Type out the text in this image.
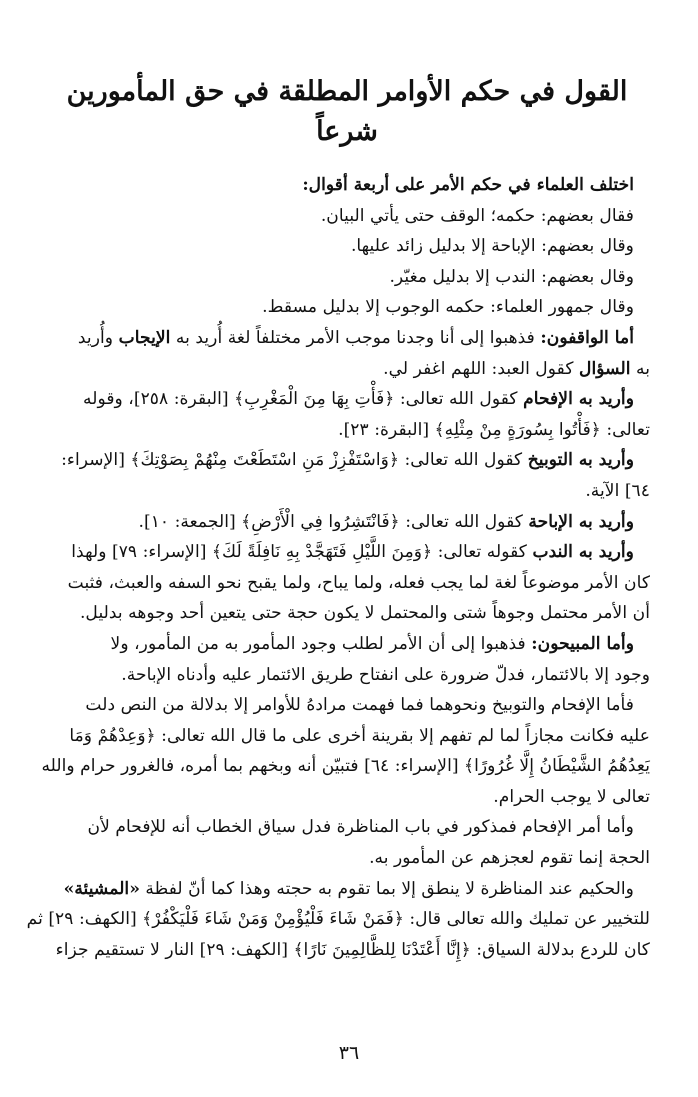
القول في حكم الأوامر المطلقة في حق المأمورين شرعاً
اختلف العلماء في حكم الأمر على أربعة أقوال:
فقال بعضهم: حكمه؛ الوقف حتى يأتي البيان.
وقال بعضهم: الإباحة إلا بدليل زائد عليها.
وقال بعضهم: الندب إلا بدليل مغيّر.
وقال جمهور العلماء: حكمه الوجوب إلا بدليل مسقط.
أما الواقفون: فذهبوا إلى أنا وجدنا موجب الأمر مختلفاً لغة أُريد به الإيجاب وأُريد
به السؤال كقول العبد: اللهم اغفر لي.
وأريد به الإفحام كقول الله تعالى: ﴿فَأْتِ بِهَا مِنَ الْمَغْرِبِ﴾ [البقرة: ٢٥٨]، وقوله
تعالى: ﴿فَأْتُوا بِسُورَةٍ مِنْ مِثْلِهِ﴾ [البقرة: ٢٣].
وأريد به التوبيخ كقول الله تعالى: ﴿وَاسْتَفْزِزْ مَنِ اسْتَطَعْتَ مِنْهُمْ بِصَوْتِكَ﴾ [الإسراء:
٦٤] الآية.
وأريد به الإباحة كقول الله تعالى: ﴿فَانْتَشِرُوا فِي الْأَرْضِ﴾ [الجمعة: ١٠].
وأريد به الندب كقوله تعالى: ﴿وَمِنَ اللَّيْلِ فَتَهَجَّدْ بِهِ نَافِلَةً لَكَ﴾ [الإسراء: ٧٩] ولهذا
كان الأمر موضوعاً لغة لما يجب فعله، ولما يباح، ولما يقبح نحو السفه والعبث، فثبت
أن الأمر محتمل وجوهاً شتى والمحتمل لا يكون حجة حتى يتعين أحد وجوهه بدليل.
وأما المبيحون: فذهبوا إلى أن الأمر لطلب وجود المأمور به من المأمور، ولا
وجود إلا بالائتمار، فدلّ ضرورة على انفتاح طريق الائتمار عليه وأدناه الإباحة.
فأما الإفحام والتوبيخ ونحوهما فما فهمت مرادهُ للأوامر إلا بدلالة من النص دلت
عليه فكانت مجازاً لما لم تفهم إلا بقرينة أخرى على ما قال الله تعالى: ﴿وَعِدْهُمْ وَمَا
يَعِدُهُمُ الشَّيْطَانُ إِلَّا غُرُورًا﴾ [الإسراء: ٦٤] فتبيّن أنه وبخهم بما أمره، فالغرور حرام والله
تعالى لا يوجب الحرام.
وأما أمر الإفحام فمذكور في باب المناظرة فدل سياق الخطاب أنه للإفحام لأن
الحجة إنما تقوم لعجزهم عن المأمور به.
والحكيم عند المناظرة لا ينطق إلا بما تقوم به حجته وهذا كما أنّ لفظة «المشيئة»
للتخيير عن تمليك والله تعالى قال: ﴿فَمَنْ شَاءَ فَلْيُؤْمِنْ وَمَنْ شَاءَ فَلْيَكْفُرْ﴾ [الكهف: ٢٩] ثم
كان للردع بدلالة السياق: ﴿إِنَّا أَعْتَدْنَا لِلظَّالِمِينَ نَارًا﴾ [الكهف: ٢٩] النار لا تستقيم جزاء
٣٦
